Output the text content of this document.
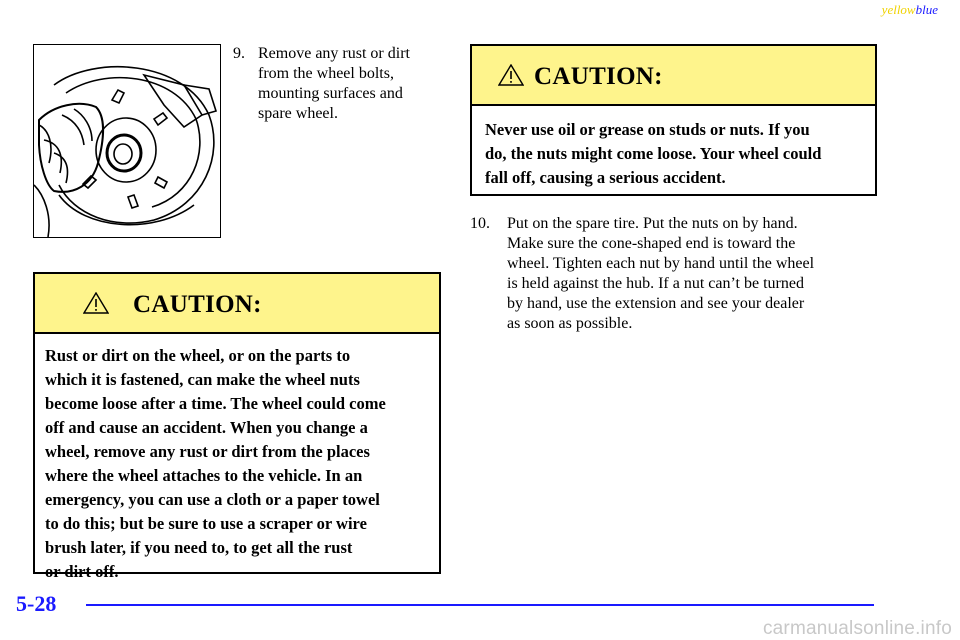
yellowblue
9. Remove any rust or dirt
from the wheel bolts,
mounting surfaces and
spare wheel.
CAUTION:
Rust or dirt on the wheel, or on the parts to
which it is fastened, can make the wheel nuts
become loose after a time. The wheel could come
off and cause an accident. When you change a
wheel, remove any rust or dirt from the places
where the wheel attaches to the vehicle. In an
emergency, you can use a cloth or a paper towel
to do this; but be sure to use a scraper or wire
brush later, if you need to, to get all the rust
or dirt off.
CAUTION:
Never use oil or grease on studs or nuts. If you
do, the nuts might come loose. Your wheel could
fall off, causing a serious accident.
10. Put on the spare tire. Put the nuts on by hand.
Make sure the cone-shaped end is toward the
wheel. Tighten each nut by hand until the wheel
is held against the hub. If a nut can’t be turned
by hand, use the extension and see your dealer
as soon as possible.
5-28
carmanualsonline.info
